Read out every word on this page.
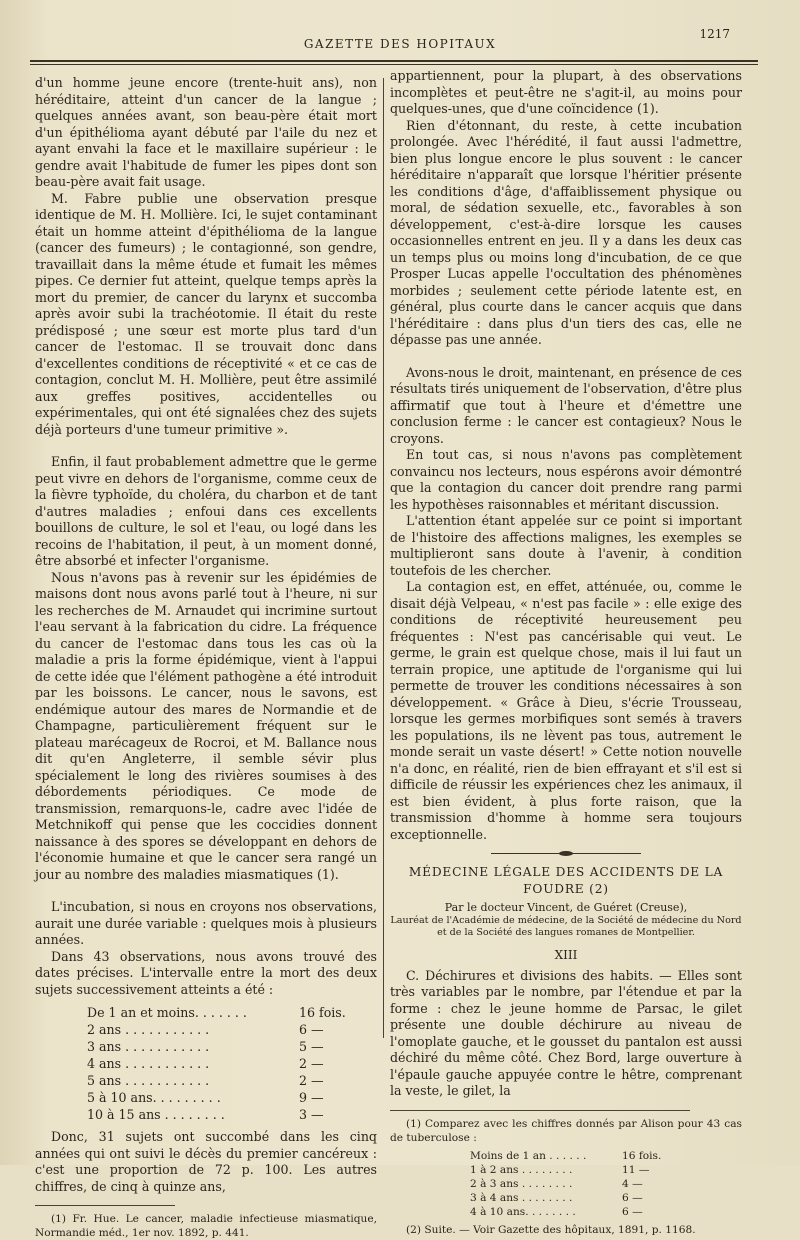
GAZETTE DES HOPITAUX
1217

d'un homme jeune encore (trente-huit ans), non héréditaire, atteint d'un cancer de la langue ; quelques années avant, son beau-père était mort d'un épithélioma ayant débuté par l'aile du nez et ayant envahi la face et le maxillaire supérieur : le gendre avait l'habitude de fumer les pipes dont son beau-père avait fait usage.

M. Fabre publie une observation presque identique de M. H. Mollière. Ici, le sujet contaminant était un homme atteint d'épithélioma de la langue (cancer des fumeurs) ; le contagionné, son gendre, travaillait dans la même étude et fumait les mêmes pipes. Ce dernier fut atteint, quelque temps après la mort du premier, de cancer du larynx et succomba après avoir subi la trachéotomie. Il était du reste prédisposé ; une sœur est morte plus tard d'un cancer de l'estomac. Il se trouvait donc dans d'excellentes conditions de réceptivité « et ce cas de contagion, conclut M. H. Mollière, peut être assimilé aux greffes positives, accidentelles ou expérimentales, qui ont été signalées chez des sujets déjà porteurs d'une tumeur primitive ».

Enfin, il faut probablement admettre que le germe peut vivre en dehors de l'organisme, comme ceux de la fièvre typhoïde, du choléra, du charbon et de tant d'autres maladies ; enfoui dans ces excellents bouillons de culture, le sol et l'eau, ou logé dans les recoins de l'habitation, il peut, à un moment donné, être absorbé et infecter l'organisme.

Nous n'avons pas à revenir sur les épidémies de maisons dont nous avons parlé tout à l'heure, ni sur les recherches de M. Arnaudet qui incrimine surtout l'eau servant à la fabrication du cidre. La fréquence du cancer de l'estomac dans tous les cas où la maladie a pris la forme épidémique, vient à l'appui de cette idée que l'élément pathogène a été introduit par les boissons. Le cancer, nous le savons, est endémique autour des mares de Normandie et de Champagne, particulièrement fréquent sur le plateau marécageux de Rocroi, et M. Ballance nous dit qu'en Angleterre, il semble sévir plus spécialement le long des rivières soumises à des débordements périodiques. Ce mode de transmission, remarquons-le, cadre avec l'idée de Metchnikoff qui pense que les coccidies donnent naissance à des spores se développant en dehors de l'économie humaine et que le cancer sera rangé un jour au nombre des maladies miasmatiques (1).

L'incubation, si nous en croyons nos observations, aurait une durée variable : quelques mois à plusieurs années.

Dans 43 observations, nous avons trouvé des dates précises. L'intervalle entre la mort des deux sujets successivement atteints a été :

De 1 an et moins. . . . . . .	16 fois.
2 ans . . . . . . . . . . .	6 —
3 ans . . . . . . . . . . .	5 —
4 ans . . . . . . . . . . .	2 —
5 ans . . . . . . . . . . .	2 —
5 à 10 ans. . . . . . . . .	9 —
10 à 15 ans . . . . . . . .	3 —

Donc, 31 sujets ont succombé dans les cinq années qui ont suivi le décès du premier cancéreux : c'est une proportion de 72 p. 100. Les autres chiffres, de cinq à quinze ans,

(1) Fr. Hue. Le cancer, maladie infectieuse miasmatique, Normandie méd., 1er nov. 1892, p. 441.

appartiennent, pour la plupart, à des observations incomplètes et peut-être ne s'agit-il, au moins pour quelques-unes, que d'une coïncidence (1).

Rien d'étonnant, du reste, à cette incubation prolongée. Avec l'hérédité, il faut aussi l'admettre, bien plus longue encore le plus souvent : le cancer héréditaire n'apparaît que lorsque l'héritier présente les conditions d'âge, d'affaiblissement physique ou moral, de sédation sexuelle, etc., favorables à son développement, c'est-à-dire lorsque les causes occasionnelles entrent en jeu. Il y a dans les deux cas un temps plus ou moins long d'incubation, de ce que Prosper Lucas appelle l'occultation des phénomènes morbides ; seulement cette période latente est, en général, plus courte dans le cancer acquis que dans l'héréditaire : dans plus d'un tiers des cas, elle ne dépasse pas une année.

Avons-nous le droit, maintenant, en présence de ces résultats tirés uniquement de l'observation, d'être plus affirmatif que tout à l'heure et d'émettre une conclusion ferme : le cancer est contagieux? Nous le croyons.

En tout cas, si nous n'avons pas complètement convaincu nos lecteurs, nous espérons avoir démontré que la contagion du cancer doit prendre rang parmi les hypothèses raisonnables et méritant discussion.

L'attention étant appelée sur ce point si important de l'histoire des affections malignes, les exemples se multiplieront sans doute à l'avenir, à condition toutefois de les chercher.

La contagion est, en effet, atténuée, ou, comme le disait déjà Velpeau, « n'est pas facile » : elle exige des conditions de réceptivité heureusement peu fréquentes : N'est pas cancérisable qui veut. Le germe, le grain est quelque chose, mais il lui faut un terrain propice, une aptitude de l'organisme qui lui permette de trouver les conditions nécessaires à son développement. « Grâce à Dieu, s'écrie Trousseau, lorsque les germes morbifiques sont semés à travers les populations, ils ne lèvent pas tous, autrement le monde serait un vaste désert! » Cette notion nouvelle n'a donc, en réalité, rien de bien effrayant et s'il est si difficile de réussir les expériences chez les animaux, il est bien évident, à plus forte raison, que la transmission d'homme à homme sera toujours exceptionnelle.

MÉDECINE LÉGALE DES ACCIDENTS DE LA FOUDRE (2)
Par le docteur Vincent, de Guéret (Creuse),
Lauréat de l'Académie de médecine, de la Société de médecine du Nord
et de la Société des langues romanes de Montpellier.
XIII

C. Déchirures et divisions des habits. — Elles sont très variables par le nombre, par l'étendue et par la forme : chez le jeune homme de Parsac, le gilet présente une double déchirure au niveau de l'omoplate gauche, et le gousset du pantalon est aussi déchiré du même côté. Chez Bord, large ouverture à l'épaule gauche appuyée contre le hêtre, comprenant la veste, le gilet, la

(1) Comparez avec les chiffres donnés par Alison pour 43 cas de tuberculose :

Moins de 1 an . . . . . .	16 fois.
1 à 2 ans . . . . . . . .	11 —
2 à 3 ans . . . . . . . .	4 —
3 à 4 ans . . . . . . . .	6 —
4 à 10 ans. . . . . . . .	6 —

(2) Suite. — Voir Gazette des hôpitaux, 1891, p. 1168.
